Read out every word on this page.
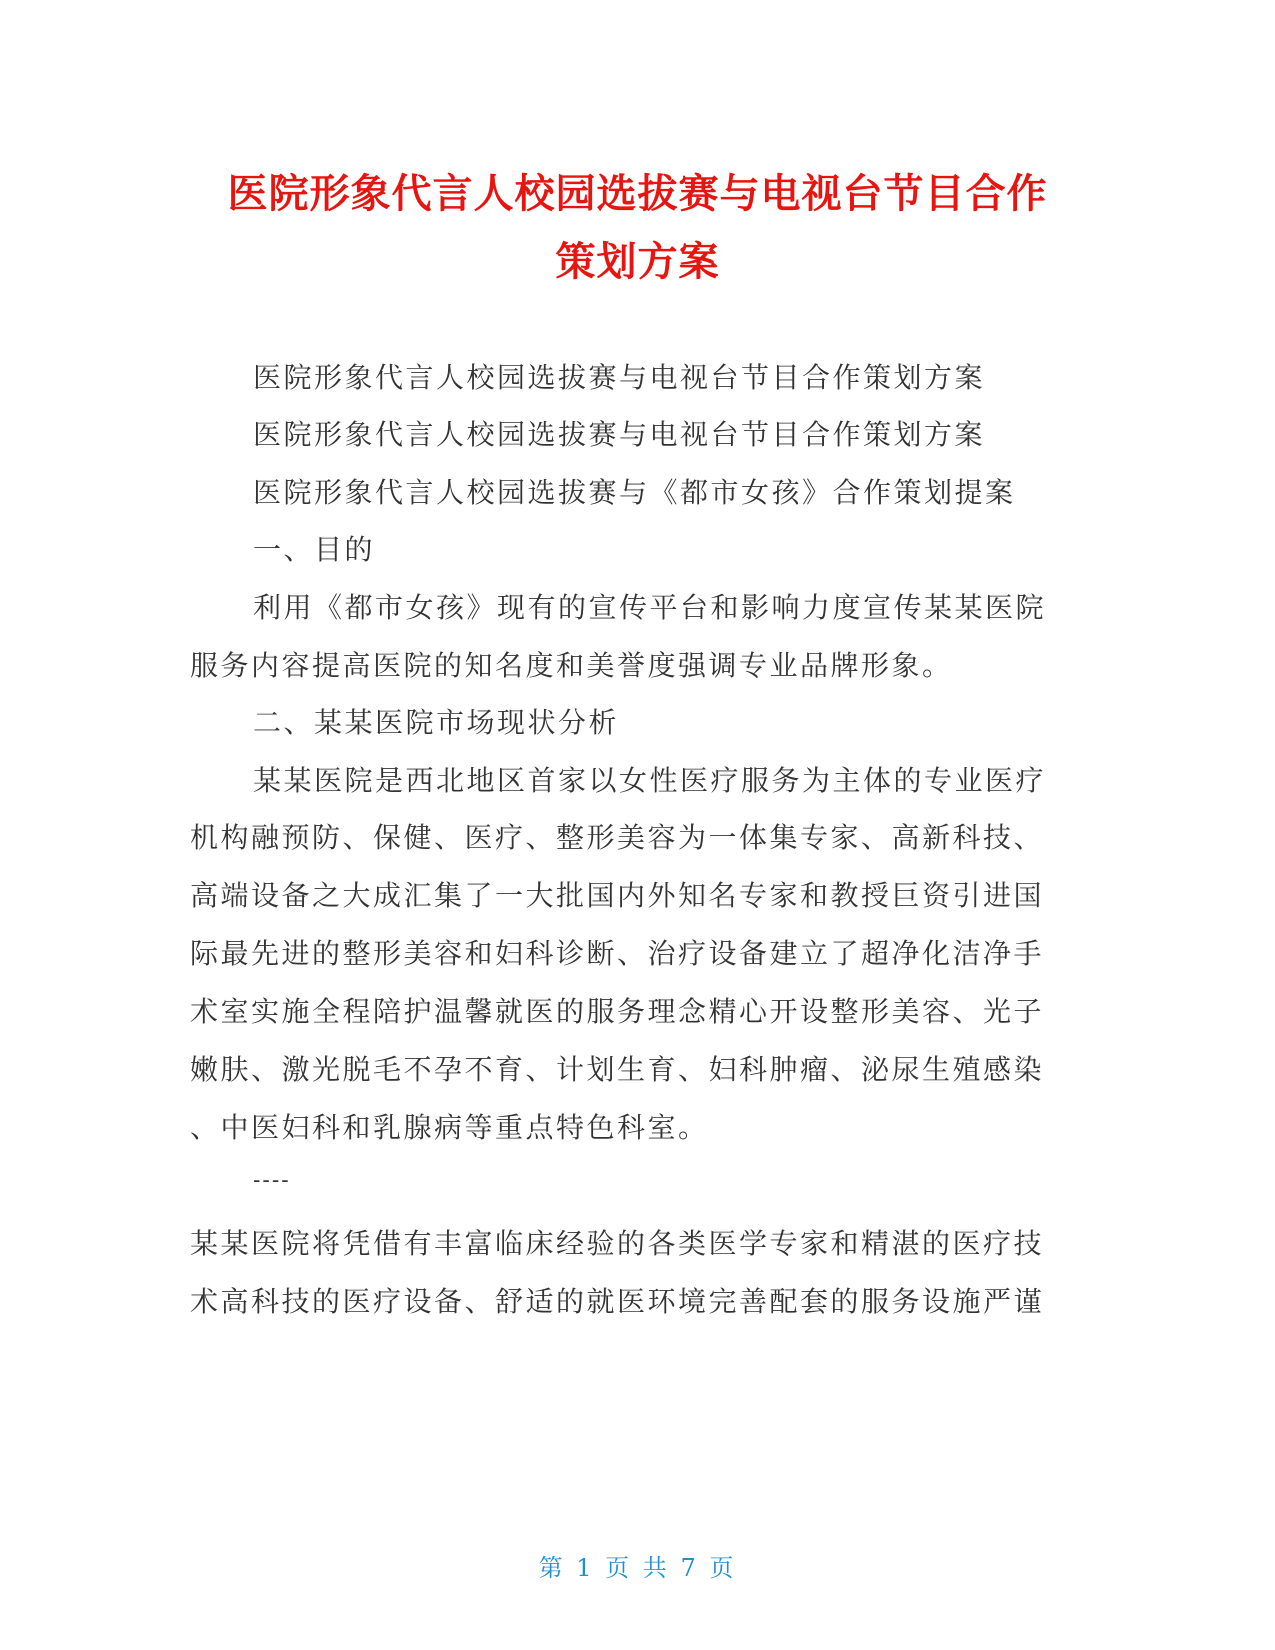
医院形象代言人校园选拔赛与电视台节目合作
策划方案
医院形象代言人校园选拔赛与电视台节目合作策划方案
医院形象代言人校园选拔赛与电视台节目合作策划方案
医院形象代言人校园选拔赛与《都市女孩》合作策划提案
一、目的
利用《都市女孩》现有的宣传平台和影响力度宣传某某医院
服务内容提高医院的知名度和美誉度强调专业品牌形象。
二、某某医院市场现状分析
某某医院是西北地区首家以女性医疗服务为主体的专业医疗
机构融预防、保健、医疗、整形美容为一体集专家、高新科技、
高端设备之大成汇集了一大批国内外知名专家和教授巨资引进国
际最先进的整形美容和妇科诊断、治疗设备建立了超净化洁净手
术室实施全程陪护温馨就医的服务理念精心开设整形美容、光子
嫩肤、激光脱毛不孕不育、计划生育、妇科肿瘤、泌尿生殖感染
、中医妇科和乳腺病等重点特色科室。
----
某某医院将凭借有丰富临床经验的各类医学专家和精湛的医疗技
术高科技的医疗设备、舒适的就医环境完善配套的服务设施严谨
第 1 页 共 7 页
